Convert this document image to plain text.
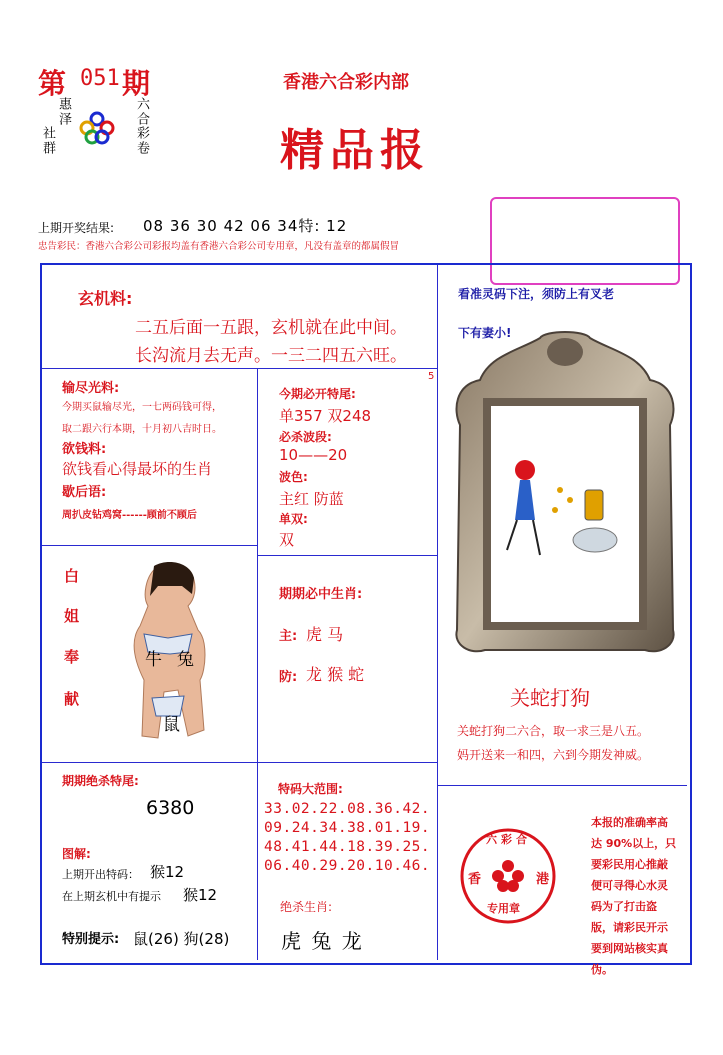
第 051 期
惠泽
社群
六合
彩卷
香港六合彩内部
精品报
上期开奖结果: 08 36 30 42 06 34特: 12
忠告彩民：香港六合彩公司彩报均盖有香港六合彩公司专用章，凡没有盖章的都属假冒
玄机料:
二五后面一五跟，玄机就在此中间。
长沟流月去无声。一三二四五六旺。
看准灵码下注，须防上有叉老
下有妻小!
输尽光料:
今期买鼠输尽光，一七两码钱可得，
取二跟六行本期，十月初八吉时日。
欲钱料:
欲钱看心得最坏的生肖
歇后语:
周扒皮钻鸡窝------顾前不顾后
5
今期必开特尾:
单357 双248
必杀波段:
10——20
波色:
主红 防蓝
单双:
双
白
姐
奉
献
牛 兔
鼠
期期必中生肖:
主: 虎 马
防: 龙 猴 蛇
关蛇打狗
关蛇打狗二六合，取一求三是八五。
妈开送来一和四，六到今期发神威。
期期绝杀特尾:
6380
特码大范围:
33.02.22.08.36.42.
09.24.34.38.01.19.
48.41.44.18.39.25.
06.40.29.20.10.46.
图解:
上期开出特码： 猴12
在上期玄机中有提示 猴12
特别提示: 鼠(26) 狗(28)
绝杀生肖:
虎 兔 龙
六彩合
香	港
专用章
本报的准确率高达 90%以上，只要彩民用心推敲便可寻得心水灵码为了打击盗版，请彩民开示要到网站核实真伪。
